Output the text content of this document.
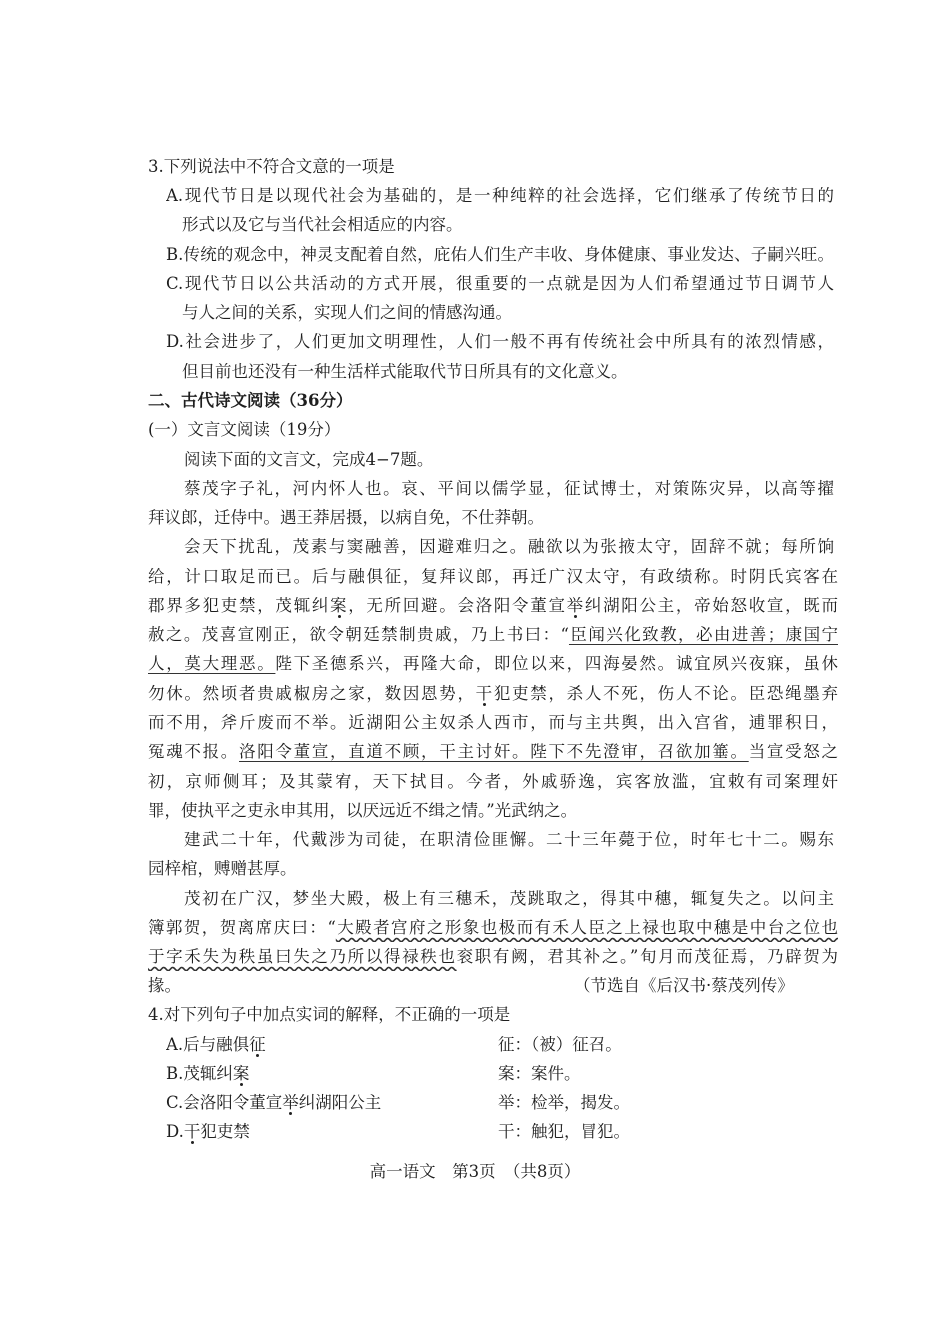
3.下列说法中不符合文意的一项是
A.现代节日是以现代社会为基础的，是一种纯粹的社会选择，它们继承了传统节日的
形式以及它与当代社会相适应的内容。
B.传统的观念中，神灵支配着自然，庇佑人们生产丰收、身体健康、事业发达、子嗣兴旺。
C.现代节日以公共活动的方式开展，很重要的一点就是因为人们希望通过节日调节人
与人之间的关系，实现人们之间的情感沟通。
D.社会进步了，人们更加文明理性，人们一般不再有传统社会中所具有的浓烈情感，
但目前也还没有一种生活样式能取代节日所具有的文化意义。
二、古代诗文阅读（36分）
(一）文言文阅读（19分）
阅读下面的文言文，完成4−7题。
蔡茂字子礼，河内怀人也。哀、平间以儒学显，征试博士，对策陈灾异，以高等擢
拜议郎，迁侍中。遇王莽居摄，以病自免，不仕莽朝。
会天下扰乱，茂素与窦融善，因避难归之。融欲以为张掖太守，固辞不就；每所饷
给，计口取足而已。后与融俱征，复拜议郎，再迁广汉太守，有政绩称。时阴氏宾客在
郡界多犯吏禁，茂辄纠案，无所回避。会洛阳令董宣举纠湖阳公主，帝始怒收宣，既而
赦之。茂喜宣刚正，欲令朝廷禁制贵戚，乃上书曰：“臣闻兴化致教，必由进善；康国宁
人，莫大理恶。陛下圣德系兴，再隆大命，即位以来，四海晏然。诚宜夙兴夜寐，虽休
勿休。然顷者贵戚椒房之家，数因恩势，干犯吏禁，杀人不死，伤人不论。臣恐绳墨弃
而不用，斧斤废而不举。近湖阳公主奴杀人西市，而与主共舆，出入宫省，逋罪积日，
冤魂不报。洛阳令董宣，直道不顾，干主讨奸。陛下不先澄审，召欲加箠。当宣受怒之
初，京师侧耳；及其蒙宥，天下拭目。今者，外戚骄逸，宾客放滥，宜敕有司案理奸
罪，使执平之吏永申其用，以厌远近不缉之情。”光武纳之。
建武二十年，代戴涉为司徒，在职清俭匪懈。二十三年薨于位，时年七十二。赐东
园梓棺，赙赠甚厚。
茂初在广汉，梦坐大殿，极上有三穗禾，茂跳取之，得其中穗，辄复失之。以问主
簿郭贺，贺离席庆曰：“大殿者宫府之形象也极而有禾人臣之上禄也取中穗是中台之位也
于字禾失为秩虽曰失之乃所以得禄秩也衮职有阙，君其补之。”旬月而茂征焉，乃辟贺为
掾。	（节选自《后汉书·蔡茂列传》
4.对下列句子中加点实词的解释，不正确的一项是
A.后与融俱征	征：（被）征召。
B.茂辄纠案	案：案件。
C.会洛阳令董宣举纠湖阳公主	举：检举，揭发。
D.干犯吏禁	干：触犯，冒犯。
高一语文　第3页　（共8页）
